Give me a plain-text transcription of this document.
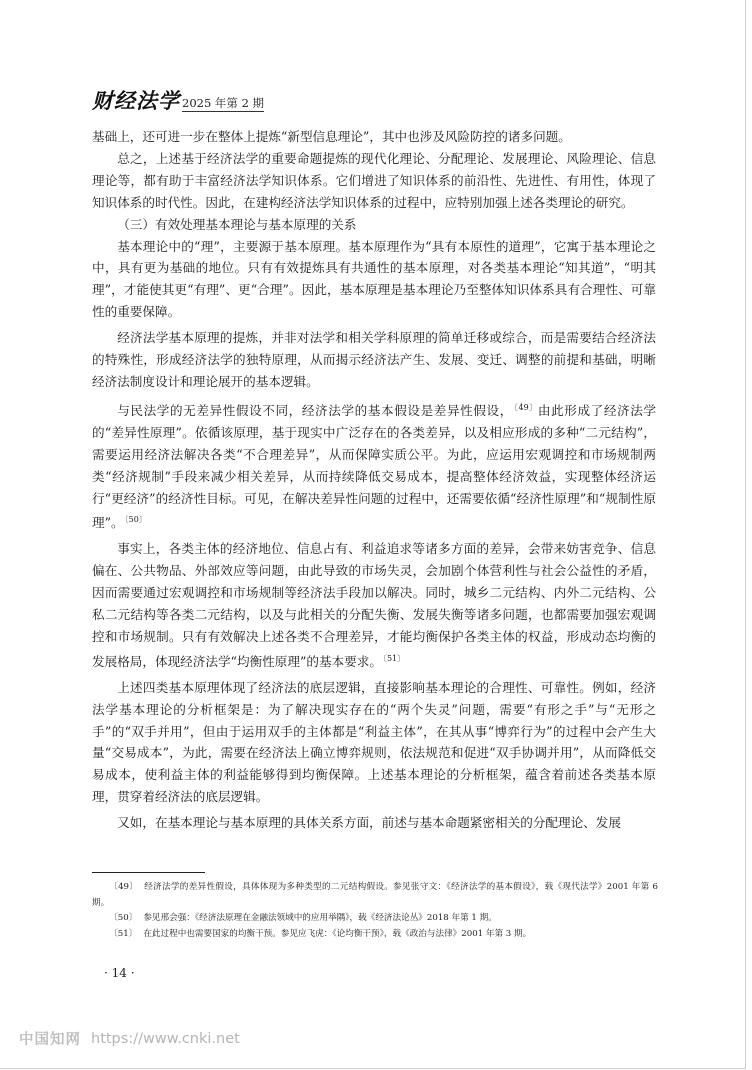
财经法学 2025 年第 2 期

基础上，还可进一步在整体上提炼“新型信息理论”，其中也涉及风险防控的诸多问题。

总之，上述基于经济法学的重要命题提炼的现代化理论、分配理论、发展理论、风险理论、信息理论等，都有助于丰富经济法学知识体系。它们增进了知识体系的前沿性、先进性、有用性，体现了知识体系的时代性。因此，在建构经济法学知识体系的过程中，应特别加强上述各类理论的研究。

（三）有效处理基本理论与基本原理的关系

基本理论中的“理”，主要源于基本原理。基本原理作为“具有本原性的道理”，它寓于基本理论之中，具有更为基础的地位。只有有效提炼具有共通性的基本原理，对各类基本理论“知其道”，“明其理”，才能使其更“有理”、更“合理”。因此，基本原理是基本理论乃至整体知识体系具有合理性、可靠性的重要保障。

经济法学基本原理的提炼，并非对法学和相关学科原理的简单迁移或综合，而是需要结合经济法的特殊性，形成经济法学的独特原理，从而揭示经济法产生、发展、变迁、调整的前提和基础，明晰经济法制度设计和理论展开的基本逻辑。

与民法学的无差异性假设不同，经济法学的基本假设是差异性假设，$^{〔49〕}$由此形成了经济法学的“差异性原理”。依循该原理，基于现实中广泛存在的各类差异，以及相应形成的多种“二元结构”，需要运用经济法解决各类“不合理差异”，从而保障实质公平。为此，应运用宏观调控和市场规制两类“经济规制”手段来减少相关差异，从而持续降低交易成本，提高整体经济效益，实现整体经济运行“更经济”的经济性目标。可见，在解决差异性问题的过程中，还需要依循“经济性原理”和“规制性原理”。$^{〔50〕}$

事实上，各类主体的经济地位、信息占有、利益追求等诸多方面的差异，会带来妨害竞争、信息偏在、公共物品、外部效应等问题，由此导致的市场失灵，会加剧个体营利性与社会公益性的矛盾，因而需要通过宏观调控和市场规制等经济法手段加以解决。同时，城乡二元结构、内外二元结构、公私二元结构等各类二元结构，以及与此相关的分配失衡、发展失衡等诸多问题，也都需要加强宏观调控和市场规制。只有有效解决上述各类不合理差异，才能均衡保护各类主体的权益，形成动态均衡的发展格局，体现经济法学“均衡性原理”的基本要求。$^{〔51〕}$

上述四类基本原理体现了经济法的底层逻辑，直接影响基本理论的合理性、可靠性。例如，经济法学基本理论的分析框架是：为了解决现实存在的“两个失灵”问题，需要“有形之手”与“无形之手”的“双手并用”，但由于运用双手的主体都是“利益主体”，在其从事“博弈行为”的过程中会产生大量“交易成本”，为此，需要在经济法上确立博弈规则，依法规范和促进“双手协调并用”，从而降低交易成本，使利益主体的利益能够得到均衡保障。上述基本理论的分析框架，蕴含着前述各类基本原理，贯穿着经济法的底层逻辑。

又如，在基本理论与基本原理的具体关系方面，前述与基本命题紧密相关的分配理论、发展

〔49〕 经济法学的差异性假设，具体体现为多种类型的二元结构假设。参见张守文：《经济法学的基本假设》，载《现代法学》2001 年第 6 期。

〔50〕 参见邢会强：《经济法原理在金融法领域中的应用举隅》，载《经济法论丛》2018 年第 1 期。

〔51〕 在此过程中也需要国家的均衡干预。参见应飞虎：《论均衡干预》，载《政治与法律》2001 年第 3 期。

· 14 ·
中国知网 https://www.cnki.net
